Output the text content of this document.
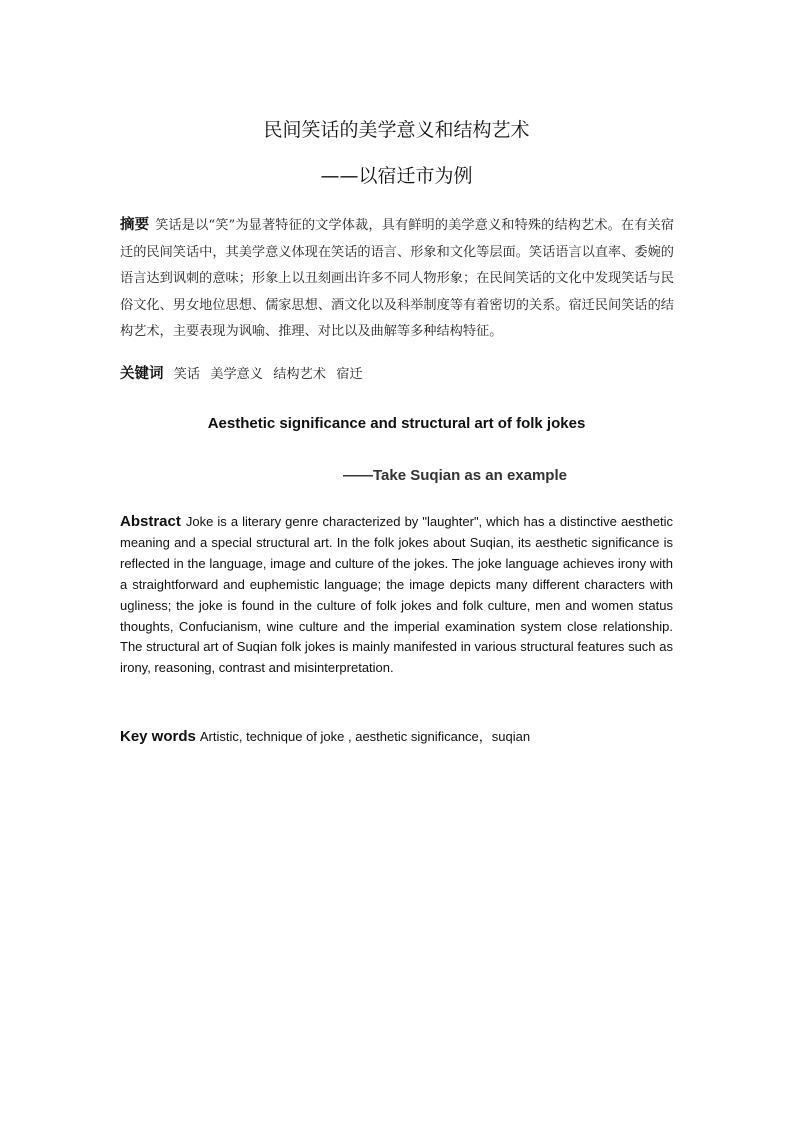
民间笑话的美学意义和结构艺术
——以宿迁市为例
摘要 笑话是以“笑”为显著特征的文学体裁，具有鲜明的美学意义和特殊的结构艺术。在有关宿迁的民间笑话中，其美学意义体现在笑话的语言、形象和文化等层面。笑话语言以直率、委婉的语言达到讽刺的意味；形象上以丑刻画出许多不同人物形象；在民间笑话的文化中发现笑话与民俗文化、男女地位思想、儒家思想、酒文化以及科举制度等有着密切的关系。宿迁民间笑话的结构艺术，主要表现为讽喻、推理、对比以及曲解等多种结构特征。
关键词 笑话 美学意义 结构艺术 宿迁
Aesthetic significance and structural art of folk jokes
——Take Suqian as an example
Abstract Joke is a literary genre characterized by "laughter", which has a distinctive aesthetic meaning and a special structural art. In the folk jokes about Suqian, its aesthetic significance is reflected in the language, image and culture of the jokes. The joke language achieves irony with a straightforward and euphemistic language; the image depicts many different characters with ugliness; the joke is found in the culture of folk jokes and folk culture, men and women status thoughts, Confucianism, wine culture and the imperial examination system close relationship. The structural art of Suqian folk jokes is mainly manifested in various structural features such as irony, reasoning, contrast and misinterpretation.
Key words Artistic, technique of joke , aesthetic significance，suqian
